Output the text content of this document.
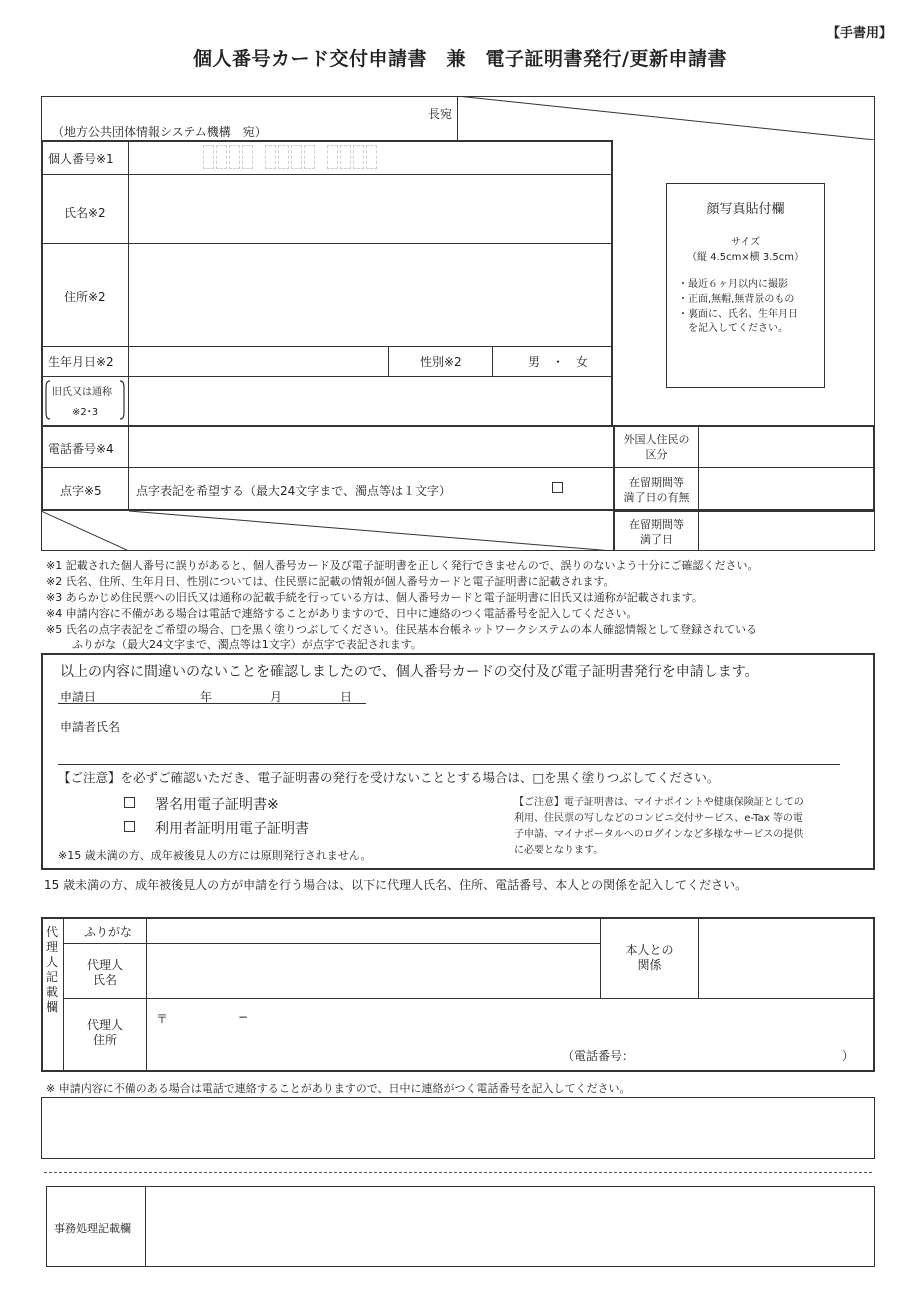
【手書用】
個人番号カード交付申請書　兼　電子証明書発行/更新申請書
長宛
（地方公共団体情報システム機構　宛）
個人番号※1
氏名※2
住所※2
生年月日※2	性別※2	男　・　女
旧氏又は通称
※2･3
電話番号※4
点字※5	点字表記を希望する（最大24文字まで、濁点等は１文字）
外国人住民の
区分
在留期間等
満了日の有無
在留期間等
満了日
顔写真貼付欄
サイズ
（縦 4.5cm×横 3.5cm）
・最近６ヶ月以内に撮影
・正面,無帽,無背景のもの
・裏面に、氏名、生年月日
　を記入してください。
※1 記載された個人番号に誤りがあると、個人番号カード及び電子証明書を正しく発行できませんので、誤りのないよう十分にご確認ください。
※2 氏名、住所、生年月日、性別については、住民票に記載の情報が個人番号カードと電子証明書に記載されます。
※3 あらかじめ住民票への旧氏又は通称の記載手続を行っている方は、個人番号カードと電子証明書に旧氏又は通称が記載されます。
※4 申請内容に不備がある場合は電話で連絡することがありますので、日中に連絡のつく電話番号を記入してください。
※5 氏名の点字表記をご希望の場合、□を黒く塗りつぶしてください。住民基本台帳ネットワークシステムの本人確認情報として登録されている
ふりがな（最大24文字まで、濁点等は1文字）が点字で表記されます。
以上の内容に間違いのないことを確認しましたので、個人番号カードの交付及び電子証明書発行を申請します。
申請日	年	月	日
申請者氏名
【ご注意】を必ずご確認いただき、電子証明書の発行を受けないこととする場合は、□を黒く塗りつぶしてください。
署名用電子証明書※
利用者証明用電子証明書
※15 歳未満の方、成年被後見人の方には原則発行されません。
【ご注意】電子証明書は、マイナポイントや健康保険証としての
利用、住民票の写しなどのコンビニ交付サービス、e-Tax 等の電
子申請、マイナポータルへのログインなど多様なサービスの提供
に必要となります。
15 歳未満の方、成年被後見人の方が申請を行う場合は、以下に代理人氏名、住所、電話番号、本人との関係を記入してください。
代理人記載欄
ふりがな
代理人
氏名
本人との
関係
代理人
住所
〒	−
（電話番号：	）
※ 申請内容に不備のある場合は電話で連絡することがありますので、日中に連絡がつく電話番号を記入してください。
事務処理記載欄
